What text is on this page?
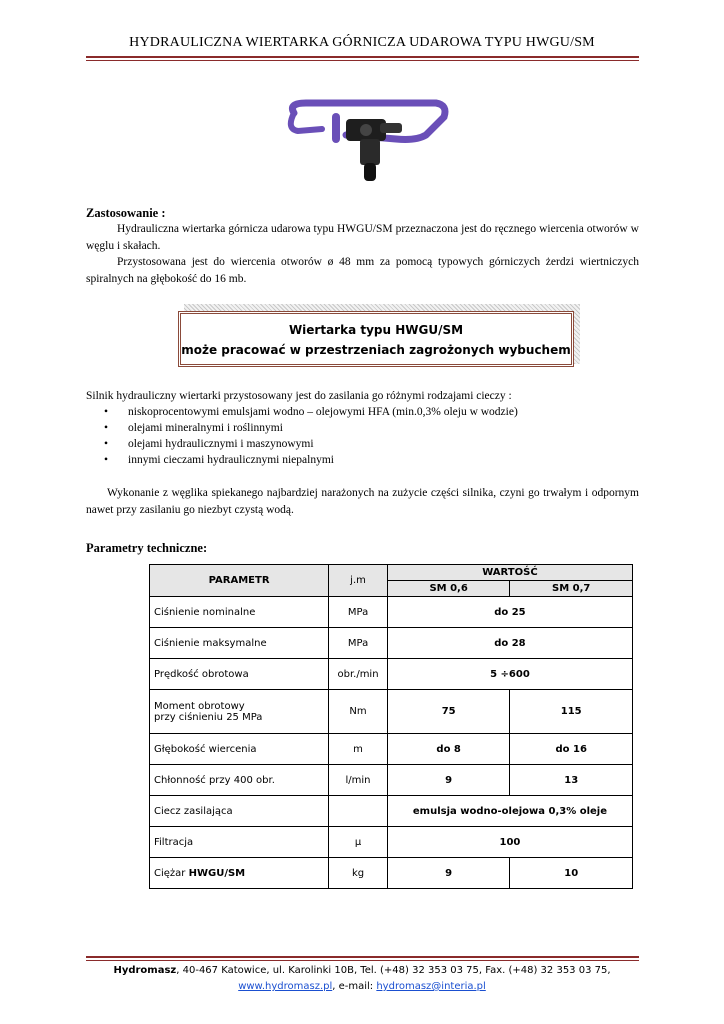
HYDRAULICZNA WIERTARKA GÓRNICZA UDAROWA TYPU HWGU/SM
Zastosowanie :
Hydrauliczna wiertarka górnicza udarowa typu HWGU/SM przeznaczona jest do ręcznego wiercenia otworów w węglu i skałach.
Przystosowana jest do wiercenia otworów ø 48 mm za pomocą typowych górniczych żerdzi wiertniczych spiralnych na głębokość do 16 mb.
Wiertarka typu HWGU/SM
może pracować w przestrzeniach zagrożonych wybuchem
Silnik hydrauliczny wiertarki przystosowany jest do zasilania go różnymi rodzajami cieczy :
• niskoprocentowymi emulsjami wodno – olejowymi HFA (min.0,3% oleju w wodzie)
• olejami mineralnymi i roślinnymi
• olejami hydraulicznymi i maszynowymi
• innymi cieczami hydraulicznymi niepalnymi
Wykonanie z węglika spiekanego najbardziej narażonych na zużycie części silnika, czyni go trwałym i odpornym nawet przy zasilaniu go niezbyt czystą wodą.
Parametry techniczne:
PARAMETR	j.m	WARTOŚĆ	
		SM 0,6	SM 0,7
Ciśnienie nominalne	MPa	do 25	
Ciśnienie maksymalne	MPa	do 28	
Prędkość obrotowa	obr./min	5 ÷600	

Moment obrotowy
przy ciśnieniu 25 MPa	Nm	75	115
Głębokość wiercenia	m	do 8	do 16
Chłonność przy 400 obr.	l/min	9	13
Ciecz zasilająca		emulsja wodno-olejowa 0,3% oleje	
Filtracja	µ	100	
Ciężar HWGU/SM	kg	9	10
Hydromasz, 40-467 Katowice, ul. Karolinki 10B, Tel. (+48) 32 353 03 75, Fax. (+48) 32 353 03 75,
www.hydromasz.pl, e-mail: hydromasz@interia.pl
